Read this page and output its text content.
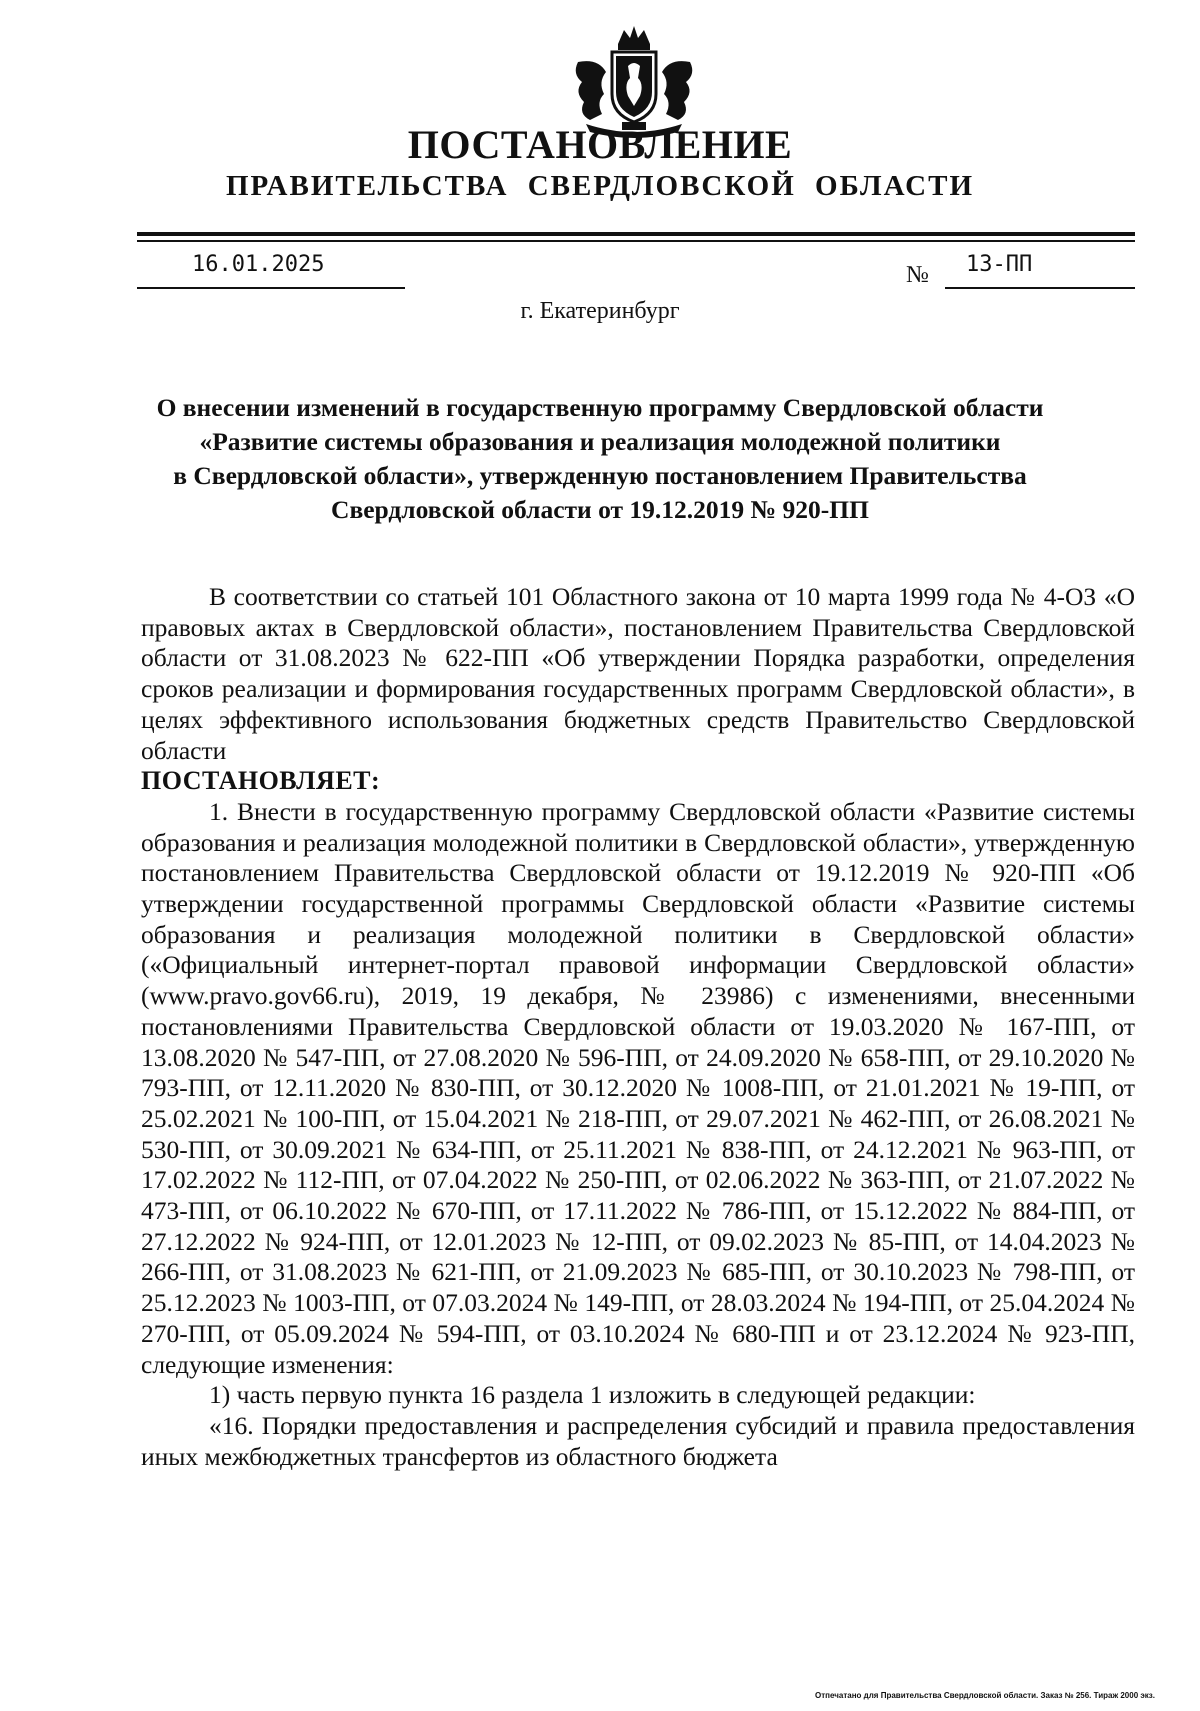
ПОСТАНОВЛЕНИЕ
ПРАВИТЕЛЬСТВА СВЕРДЛОВСКОЙ ОБЛАСТИ
16.01.2025	№ 13-ПП
г. Екатеринбург
О внесении изменений в государственную программу Свердловской области
«Развитие системы образования и реализация молодежной политики
в Свердловской области», утвержденную постановлением Правительства
Свердловской области от 19.12.2019 № 920-ПП

В соответствии со статьей 101 Областного закона от 10 марта 1999 года № 4-ОЗ «О правовых актах в Свердловской области», постановлением Правительства Свердловской области от 31.08.2023 № 622-ПП «Об утверждении Порядка разработки, определения сроков реализации и формирования государственных программ Свердловской области», в целях эффективного использования бюджетных средств Правительство Свердловской области

ПОСТАНОВЛЯЕТ:

1. Внести в государственную программу Свердловской области «Развитие системы образования и реализация молодежной политики в Свердловской области», утвержденную постановлением Правительства Свердловской области от 19.12.2019 № 920-ПП «Об утверждении государственной программы Свердловской области «Развитие системы образования и реализация молодежной политики в Свердловской области» («Официальный интернет-портал правовой информации Свердловской области» (www.pravo.gov66.ru), 2019, 19 декабря, № 23986) с изменениями, внесенными постановлениями Правительства Свердловской области от 19.03.2020 № 167-ПП, от 13.08.2020 № 547-ПП, от 27.08.2020 № 596-ПП, от 24.09.2020 № 658-ПП, от 29.10.2020 № 793-ПП, от 12.11.2020 № 830-ПП, от 30.12.2020 № 1008-ПП, от 21.01.2021 № 19-ПП, от 25.02.2021 № 100-ПП, от 15.04.2021 № 218-ПП, от 29.07.2021 № 462-ПП, от 26.08.2021 № 530-ПП, от 30.09.2021 № 634-ПП, от 25.11.2021 № 838-ПП, от 24.12.2021 № 963-ПП, от 17.02.2022 № 112-ПП, от 07.04.2022 № 250-ПП, от 02.06.2022 № 363-ПП, от 21.07.2022 № 473-ПП, от 06.10.2022 № 670-ПП, от 17.11.2022 № 786-ПП, от 15.12.2022 № 884-ПП, от 27.12.2022 № 924-ПП, от 12.01.2023 № 12-ПП, от 09.02.2023 № 85-ПП, от 14.04.2023 № 266-ПП, от 31.08.2023 № 621-ПП, от 21.09.2023 № 685-ПП, от 30.10.2023 № 798-ПП, от 25.12.2023 № 1003-ПП, от 07.03.2024 № 149-ПП, от 28.03.2024 № 194-ПП, от 25.04.2024 № 270-ПП, от 05.09.2024 № 594-ПП, от 03.10.2024 № 680-ПП и от 23.12.2024 № 923-ПП, следующие изменения:

1) часть первую пункта 16 раздела 1 изложить в следующей редакции:

«16. Порядки предоставления и распределения субсидий и правила предоставления иных межбюджетных трансфертов из областного бюджета

Отпечатано для Правительства Свердловской области. Заказ № 256. Тираж 2000 экз.
